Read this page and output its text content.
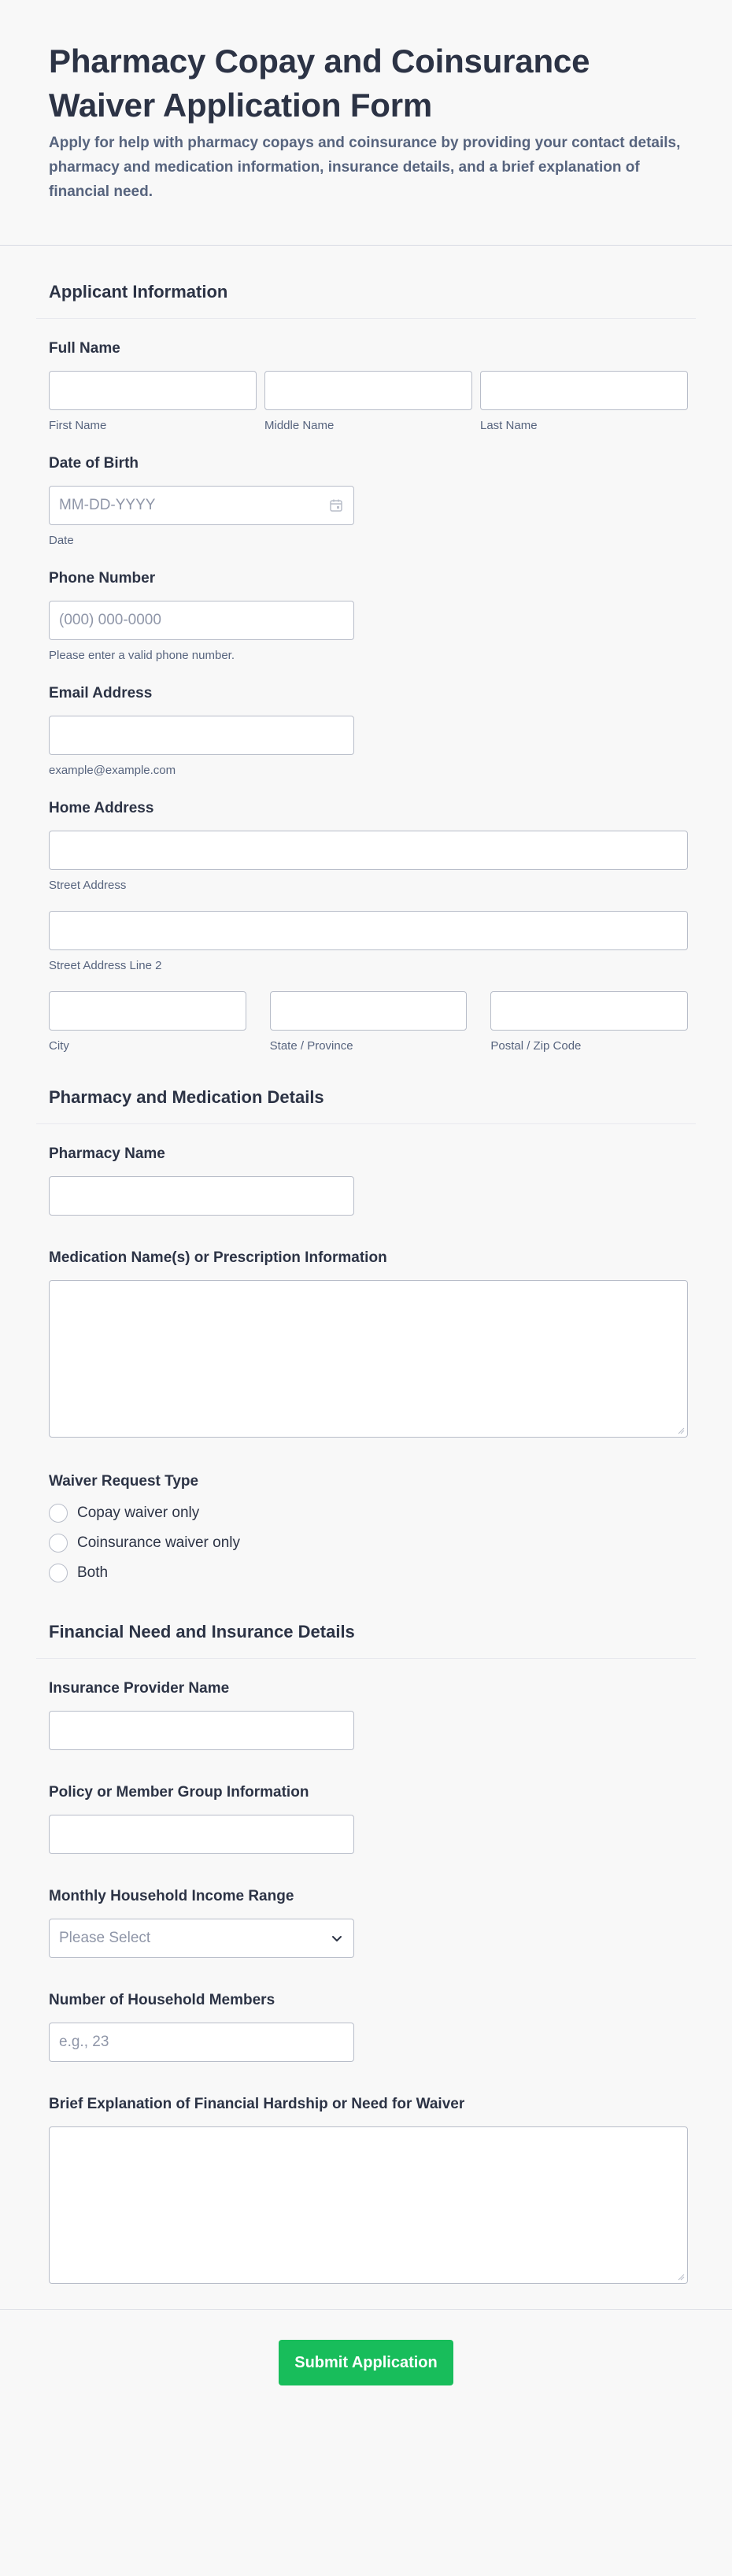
Pharmacy Copay and Coinsurance Waiver Application Form

Apply for help with pharmacy copays and coinsurance by providing your contact details, pharmacy and medication information, insurance details, and a brief explanation of financial need.

Applicant Information
Full Name
First Name	Middle Name	Last Name
Date of Birth
MM-DD-YYYY
Date
Phone Number
(000) 000-0000
Please enter a valid phone number.
Email Address
example@example.com
Home Address
Street Address
Street Address Line 2
City	State / Province	Postal / Zip Code
Pharmacy and Medication Details
Pharmacy Name
Medication Name(s) or Prescription Information
Waiver Request Type
Copay waiver only
Coinsurance waiver only
Both
Financial Need and Insurance Details
Insurance Provider Name
Policy or Member Group Information
Monthly Household Income Range
Please Select
Number of Household Members
e.g., 23
Brief Explanation of Financial Hardship or Need for Waiver
Submit Application
